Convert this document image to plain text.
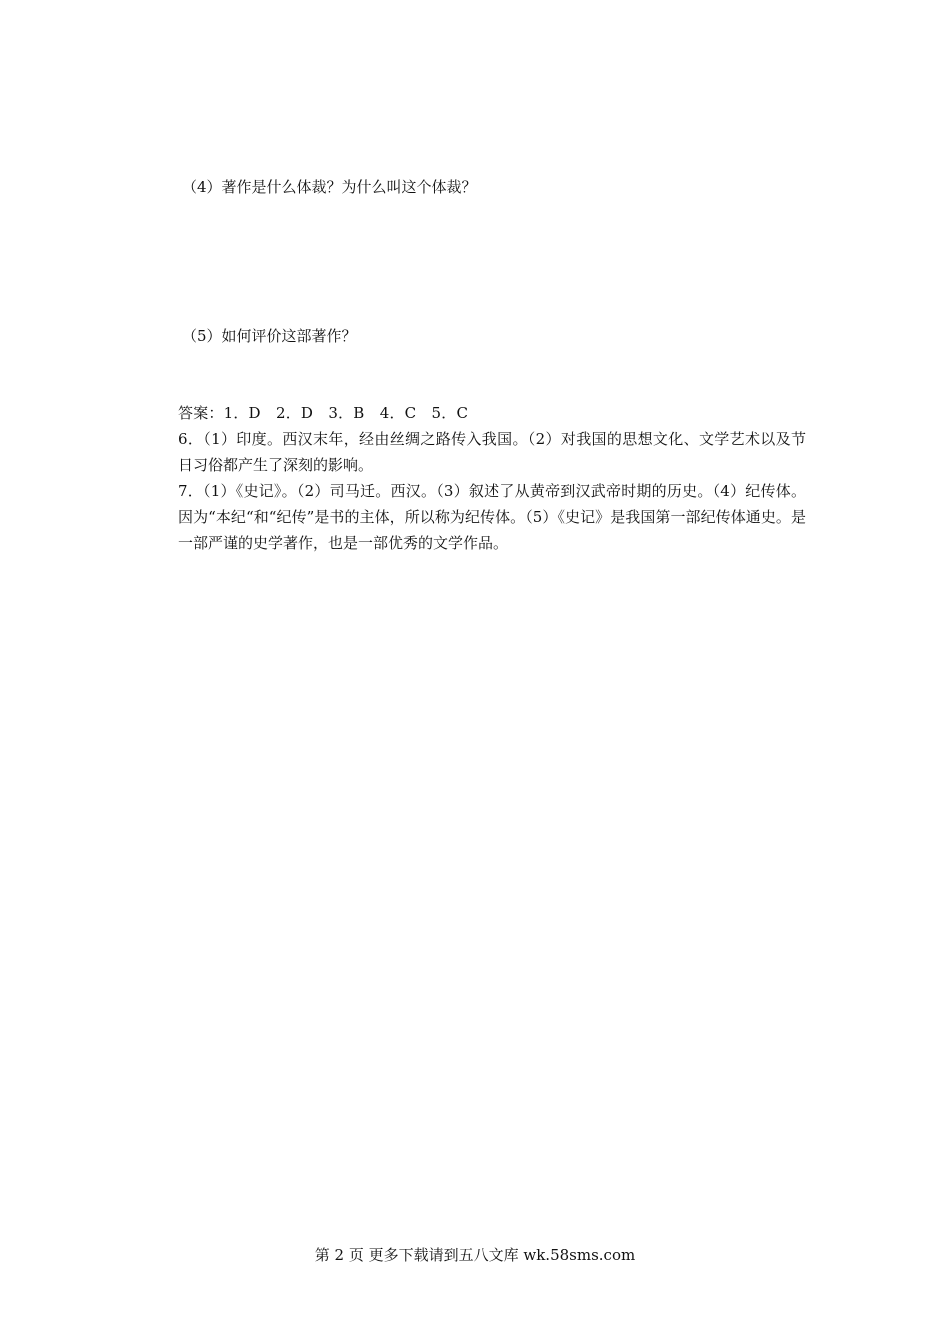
（4）著作是什么体裁？为什么叫这个体裁？
（5）如何评价这部著作？
答案：1．D　2．D　3．B　4．C　5．C
6．（1）印度。西汉末年，经由丝绸之路传入我国。（2）对我国的思想文化、文学艺术以及节日习俗都产生了深刻的影响。
7．（1）《史记》。（2）司马迁。西汉。（3）叙述了从黄帝到汉武帝时期的历史。（4）纪传体。因为“本纪“和“纪传”是书的主体，所以称为纪传体。（5）《史记》是我国第一部纪传体通史。是一部严谨的史学著作，也是一部优秀的文学作品。
第 2 页 更多下载请到五八文库 wk.58sms.com
